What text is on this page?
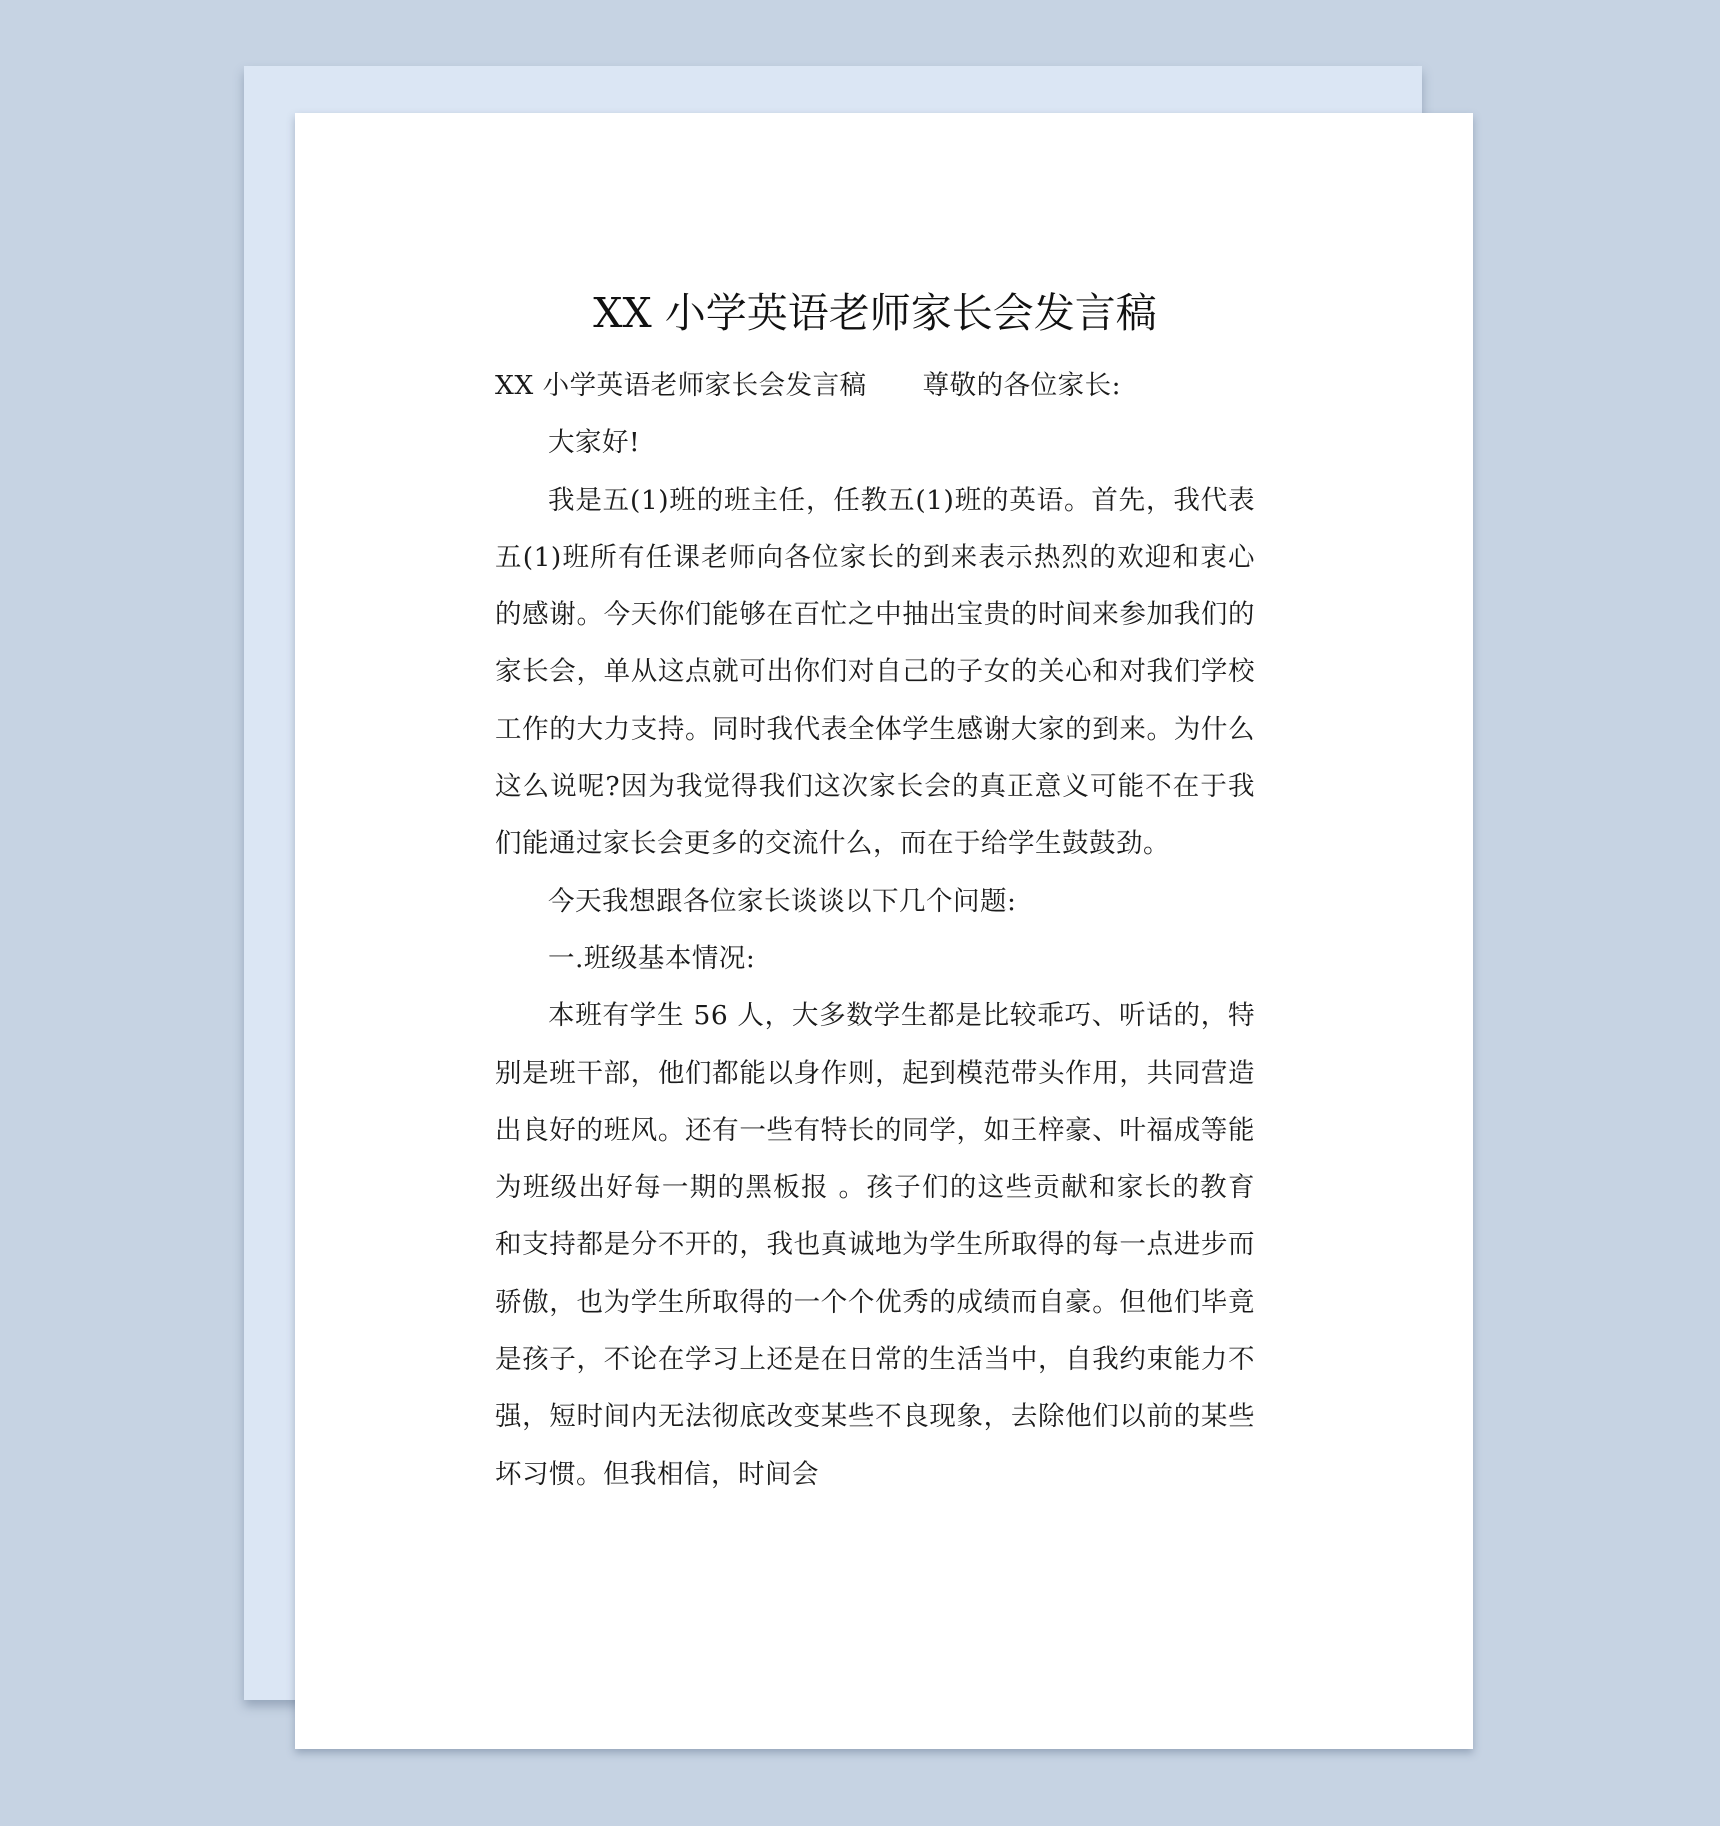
XX 小学英语老师家长会发言稿

XX 小学英语老师家长会发言稿 尊敬的各位家长:

大家好!

我是五(1)班的班主任，任教五(1)班的英语。首先，我代表五(1)班所有任课老师向各位家长的到来表示热烈的欢迎和衷心的感谢。今天你们能够在百忙之中抽出宝贵的时间来参加我们的家长会，单从这点就可出你们对自己的子女的关心和对我们学校工作的大力支持。同时我代表全体学生感谢大家的到来。为什么这么说呢?因为我觉得我们这次家长会的真正意义可能不在于我们能通过家长会更多的交流什么，而在于给学生鼓鼓劲。

今天我想跟各位家长谈谈以下几个问题:

一.班级基本情况:

本班有学生 56 人，大多数学生都是比较乖巧、听话的，特别是班干部，他们都能以身作则，起到模范带头作用，共同营造出良好的班风。还有一些有特长的同学，如王梓豪、叶福成等能为班级出好每一期的黑板报 。孩子们的这些贡献和家长的教育和支持都是分不开的，我也真诚地为学生所取得的每一点进步而骄傲，也为学生所取得的一个个优秀的成绩而自豪。但他们毕竟是孩子，不论在学习上还是在日常的生活当中，自我约束能力不强，短时间内无法彻底改变某些不良现象，去除他们以前的某些坏习惯。但我相信，时间会
